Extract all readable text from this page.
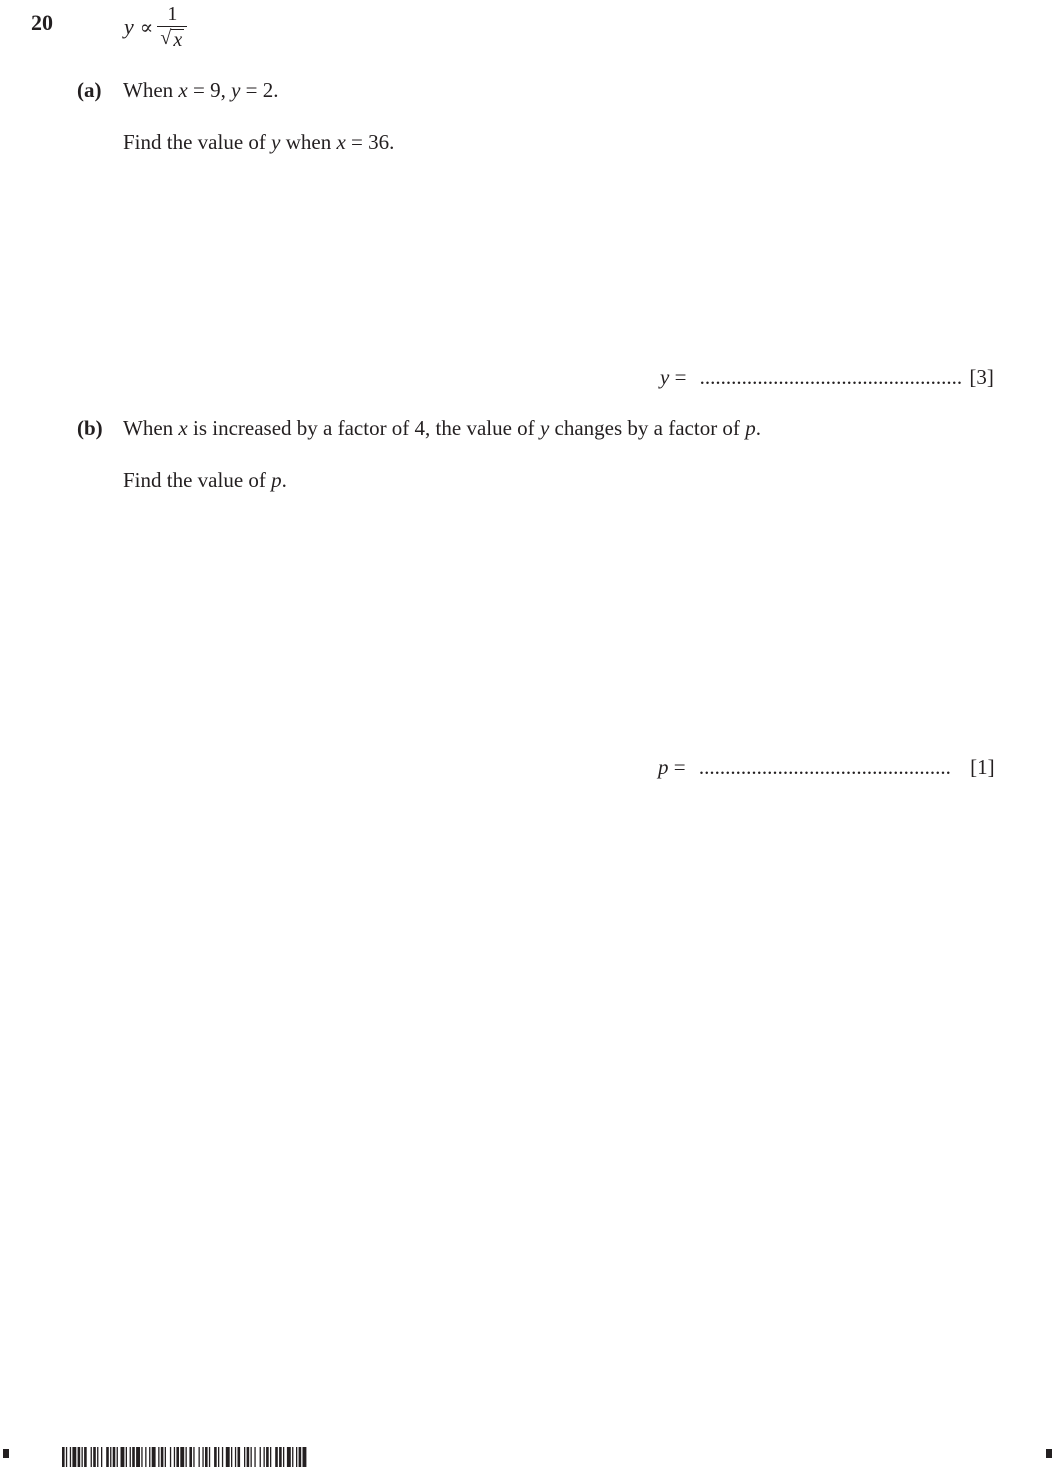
20	$y \propto \frac{1}{√ x}$
(a) When x = 9, y = 2.
Find the value of y when x = 36.
y = .................................................. [3]
(b) When x is increased by a factor of 4, the value of y changes by a factor of p.
Find the value of p.
p = ................................................ [1]
